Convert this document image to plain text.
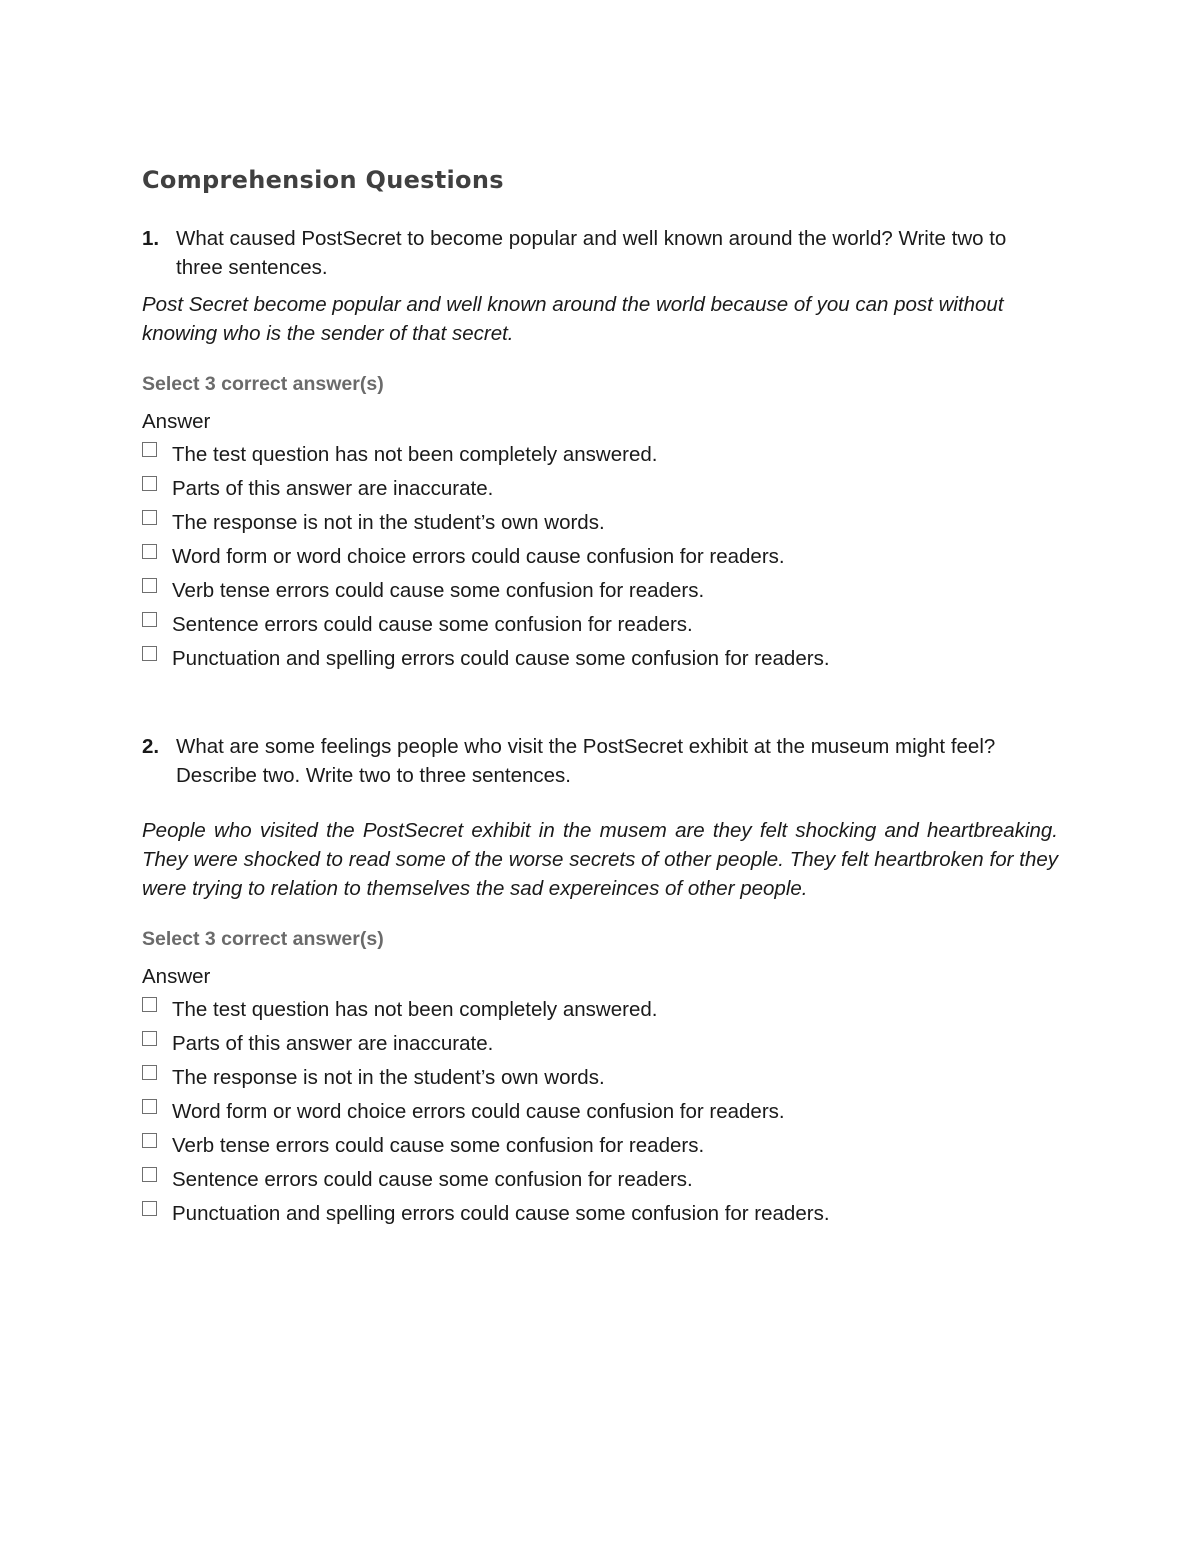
Comprehension Questions
1. What caused PostSecret to become popular and well known around the world? Write two to three sentences.
Post Secret become popular and well known around the world because of you can post without knowing who is the sender of that secret.
Select 3 correct answer(s)
Answer
The test question has not been completely answered.
Parts of this answer are inaccurate.
The response is not in the student’s own words.
Word form or word choice errors could cause confusion for readers.
Verb tense errors could cause some confusion for readers.
Sentence errors could cause some confusion for readers.
Punctuation and spelling errors could cause some confusion for readers.
2. What are some feelings people who visit the PostSecret exhibit at the museum might feel? Describe two. Write two to three sentences.
People who visited the PostSecret exhibit in the musem are they felt shocking and heartbreaking. They were shocked to read some of the worse secrets of other people. They felt heartbroken for they were trying to relation to themselves the sad expereinces of other people.
Select 3 correct answer(s)
Answer
The test question has not been completely answered.
Parts of this answer are inaccurate.
The response is not in the student’s own words.
Word form or word choice errors could cause confusion for readers.
Verb tense errors could cause some confusion for readers.
Sentence errors could cause some confusion for readers.
Punctuation and spelling errors could cause some confusion for readers.
